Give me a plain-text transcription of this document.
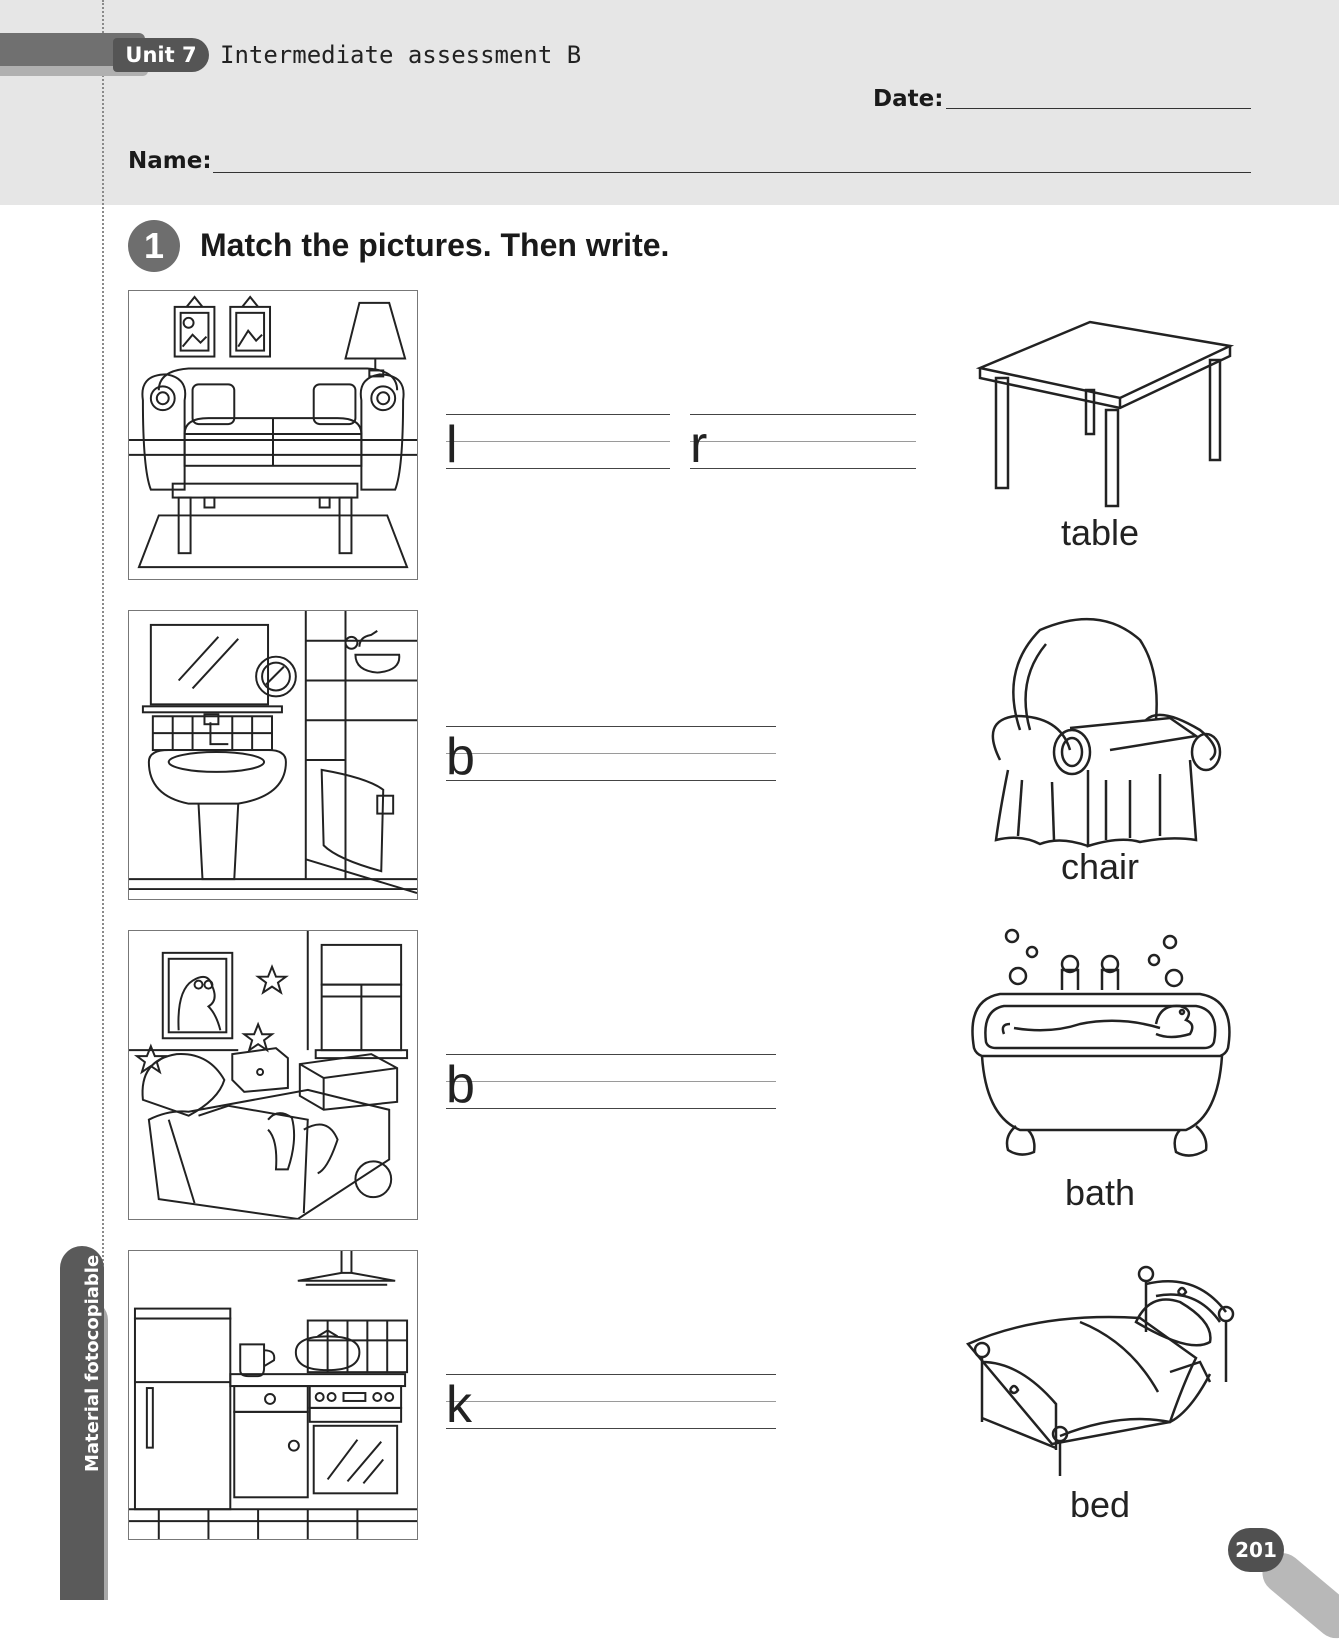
Unit 7 Intermediate assessment B
Date:
Name:
1	Match the pictures. Then write.
l	r
table
b
chair
b
bath
k
bed
Material fotocopiable
201
